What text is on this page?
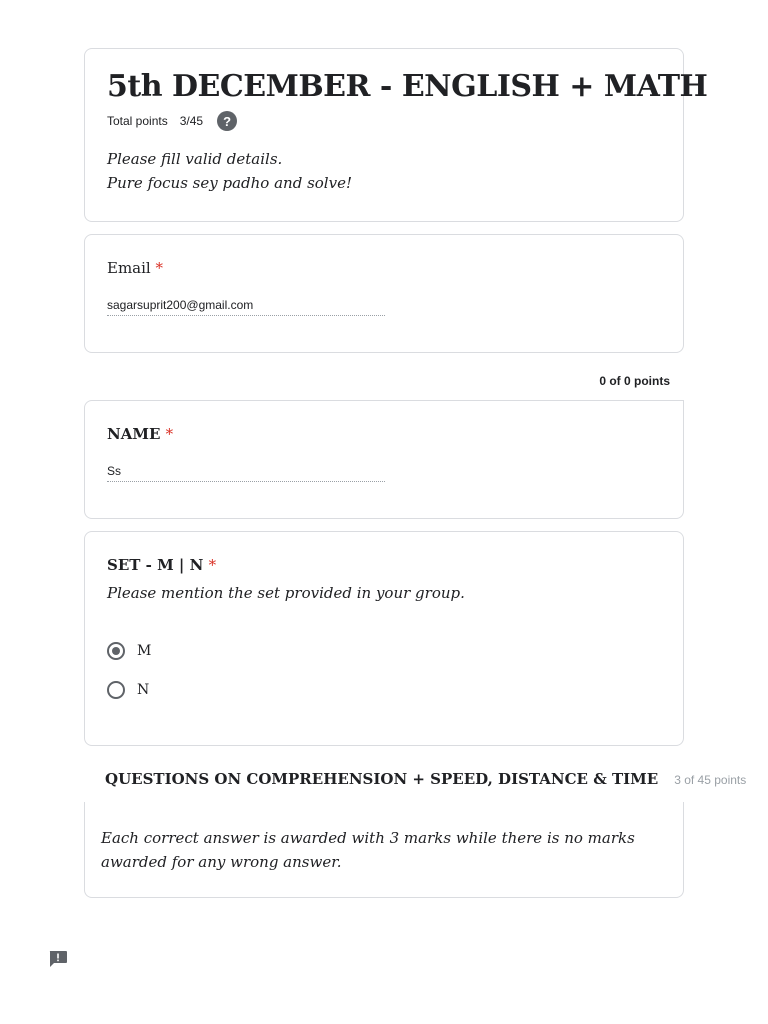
5th DECEMBER - ENGLISH + MATH
Total points 3/45	?
Please fill valid details.
Pure focus sey padho and solve!
Email *
sagarsuprit200@gmail.com
0 of 0 points
NAME *
Ss
SET - M | N *
Please mention the set provided in your group.
M
N
QUESTIONS ON COMPREHENSION + SPEED, DISTANCE & TIME 3 of 45 points
Each correct answer is awarded with 3 marks while there is no marks awarded for any wrong answer.
